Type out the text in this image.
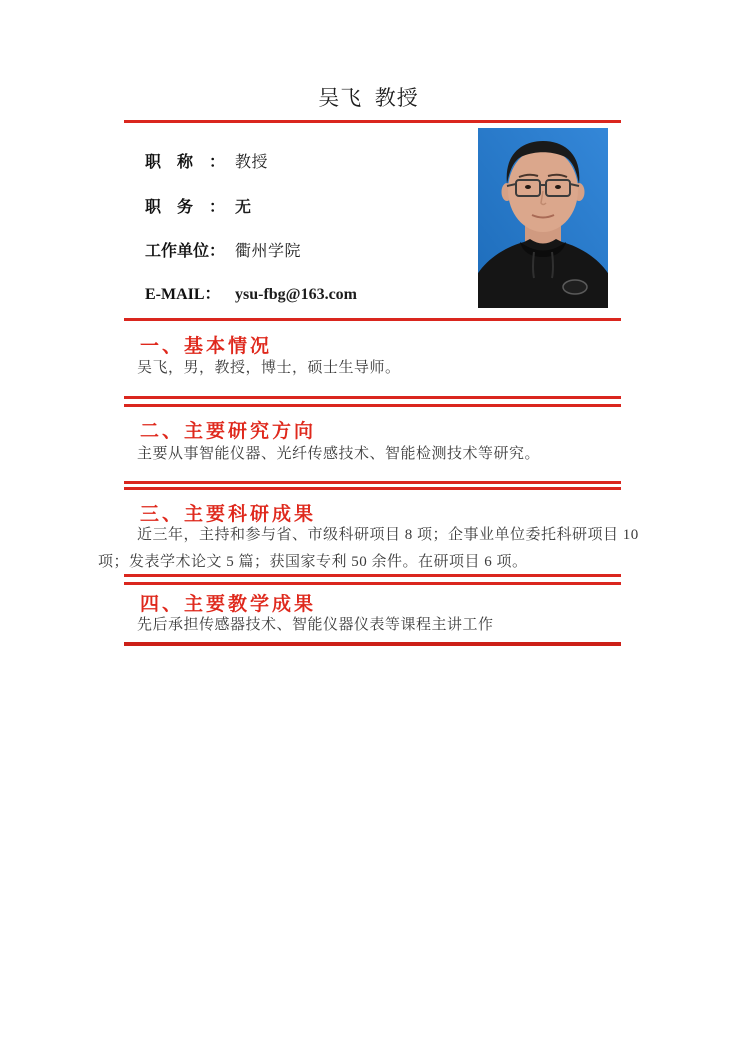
吴飞  教授
职称： 教授
职务： 无
工作单位： 衢州学院
E-MAIL： ysu-fbg@163.com
一、基本情况
吴飞，男，教授，博士，硕士生导师。
二、主要研究方向
主要从事智能仪器、光纤传感技术、智能检测技术等研究。
三、主要科研成果
近三年，主持和参与省、市级科研项目 8 项；企事业单位委托科研项目 10 项；发表学术论文 5 篇；获国家专利 50 余件。在研项目 6 项。
四、主要教学成果
先后承担传感器技术、智能仪器仪表等课程主讲工作
